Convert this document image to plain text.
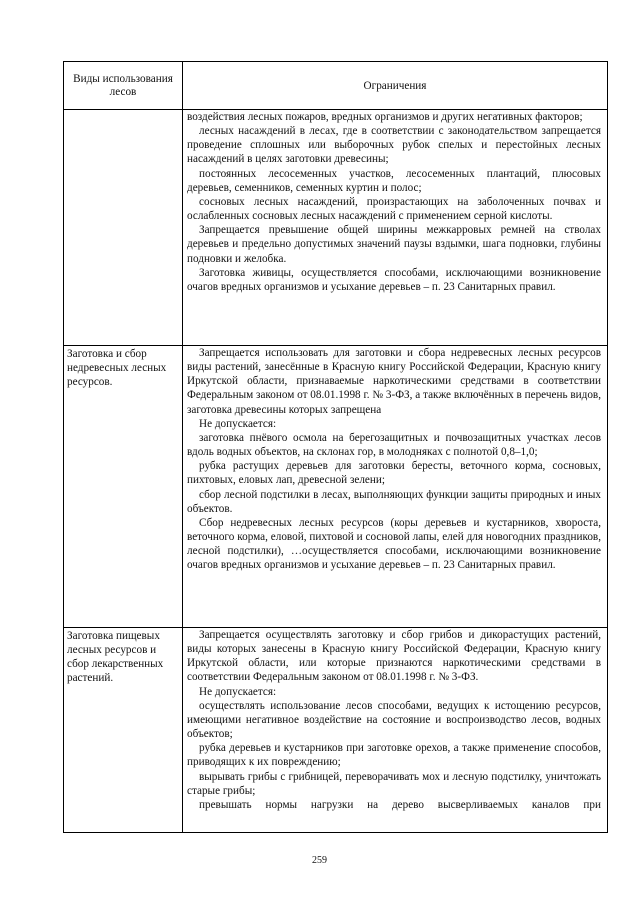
Виды использования лесов	Ограничения

воздействия лесных пожаров, вредных организмов и других негативных факторов;

лесных насаждений в лесах, где в соответствии с законодательством запрещается проведение сплошных или выборочных рубок спелых и перестойных лесных насаждений в целях заготовки древесины;

постоянных лесосеменных участков, лесосеменных плантаций, плюсовых деревьев, семенников, семенных куртин и полос;

сосновых лесных насаждений, произрастающих на заболоченных почвах и ослабленных сосновых лесных насаждений с применением серной кислоты.

Запрещается превышение общей ширины межкарровых ремней на стволах деревьев и предельно допустимых значений паузы вздымки, шага подновки, глубины подновки и желобка.

Заготовка живицы, осуществляется способами, исключающими возникновение очагов вредных организмов и усыхание деревьев – п. 23 Санитарных правил.

Заготовка и сбор недревесных лесных ресурсов.

Запрещается использовать для заготовки и сбора недревесных лесных ресурсов виды растений, занесённые в Красную книгу Российской Федерации, Красную книгу Иркутской области, признаваемые наркотическими средствами в соответствии Федеральным законом от 08.01.1998 г. № 3-ФЗ, а также включённых в перечень видов, заготовка древесины которых запрещена

Не допускается:

заготовка пнёвого осмола на берегозащитных и почвозащитных участках лесов вдоль водных объектов, на склонах гор, в молодняках с полнотой 0,8–1,0;

рубка растущих деревьев для заготовки бересты, веточного корма, сосновых, пихтовых, еловых лап, древесной зелени;

сбор лесной подстилки в лесах, выполняющих функции защиты природных и иных объектов.

Сбор недревесных лесных ресурсов (коры деревьев и кустарников, хвороста, веточного корма, еловой, пихтовой и сосновой лапы, елей для новогодних праздников, лесной подстилки), …осуществляется способами, исключающими возникновение очагов вредных организмов и усыхание деревьев – п. 23 Санитарных правил.

Заготовка пищевых лесных ресурсов и сбор лекарственных растений.

Запрещается осуществлять заготовку и сбор грибов и дикорастущих растений, виды которых занесены в Красную книгу Российской Федерации, Красную книгу Иркутской области, или которые признаются наркотическими средствами в соответствии Федеральным законом от 08.01.1998 г. № 3-ФЗ.

Не допускается:

осуществлять использование лесов способами, ведущих к истощению ресурсов, имеющими негативное воздействие на состояние и воспроизводство лесов, водных объектов;

рубка деревьев и кустарников при заготовке орехов, а также применение способов, приводящих к их повреждению;

вырывать грибы с грибницей, переворачивать мох и лесную подстилку, уничтожать старые грибы;

превышать нормы нагрузки на дерево высверливаемых каналов при

259
